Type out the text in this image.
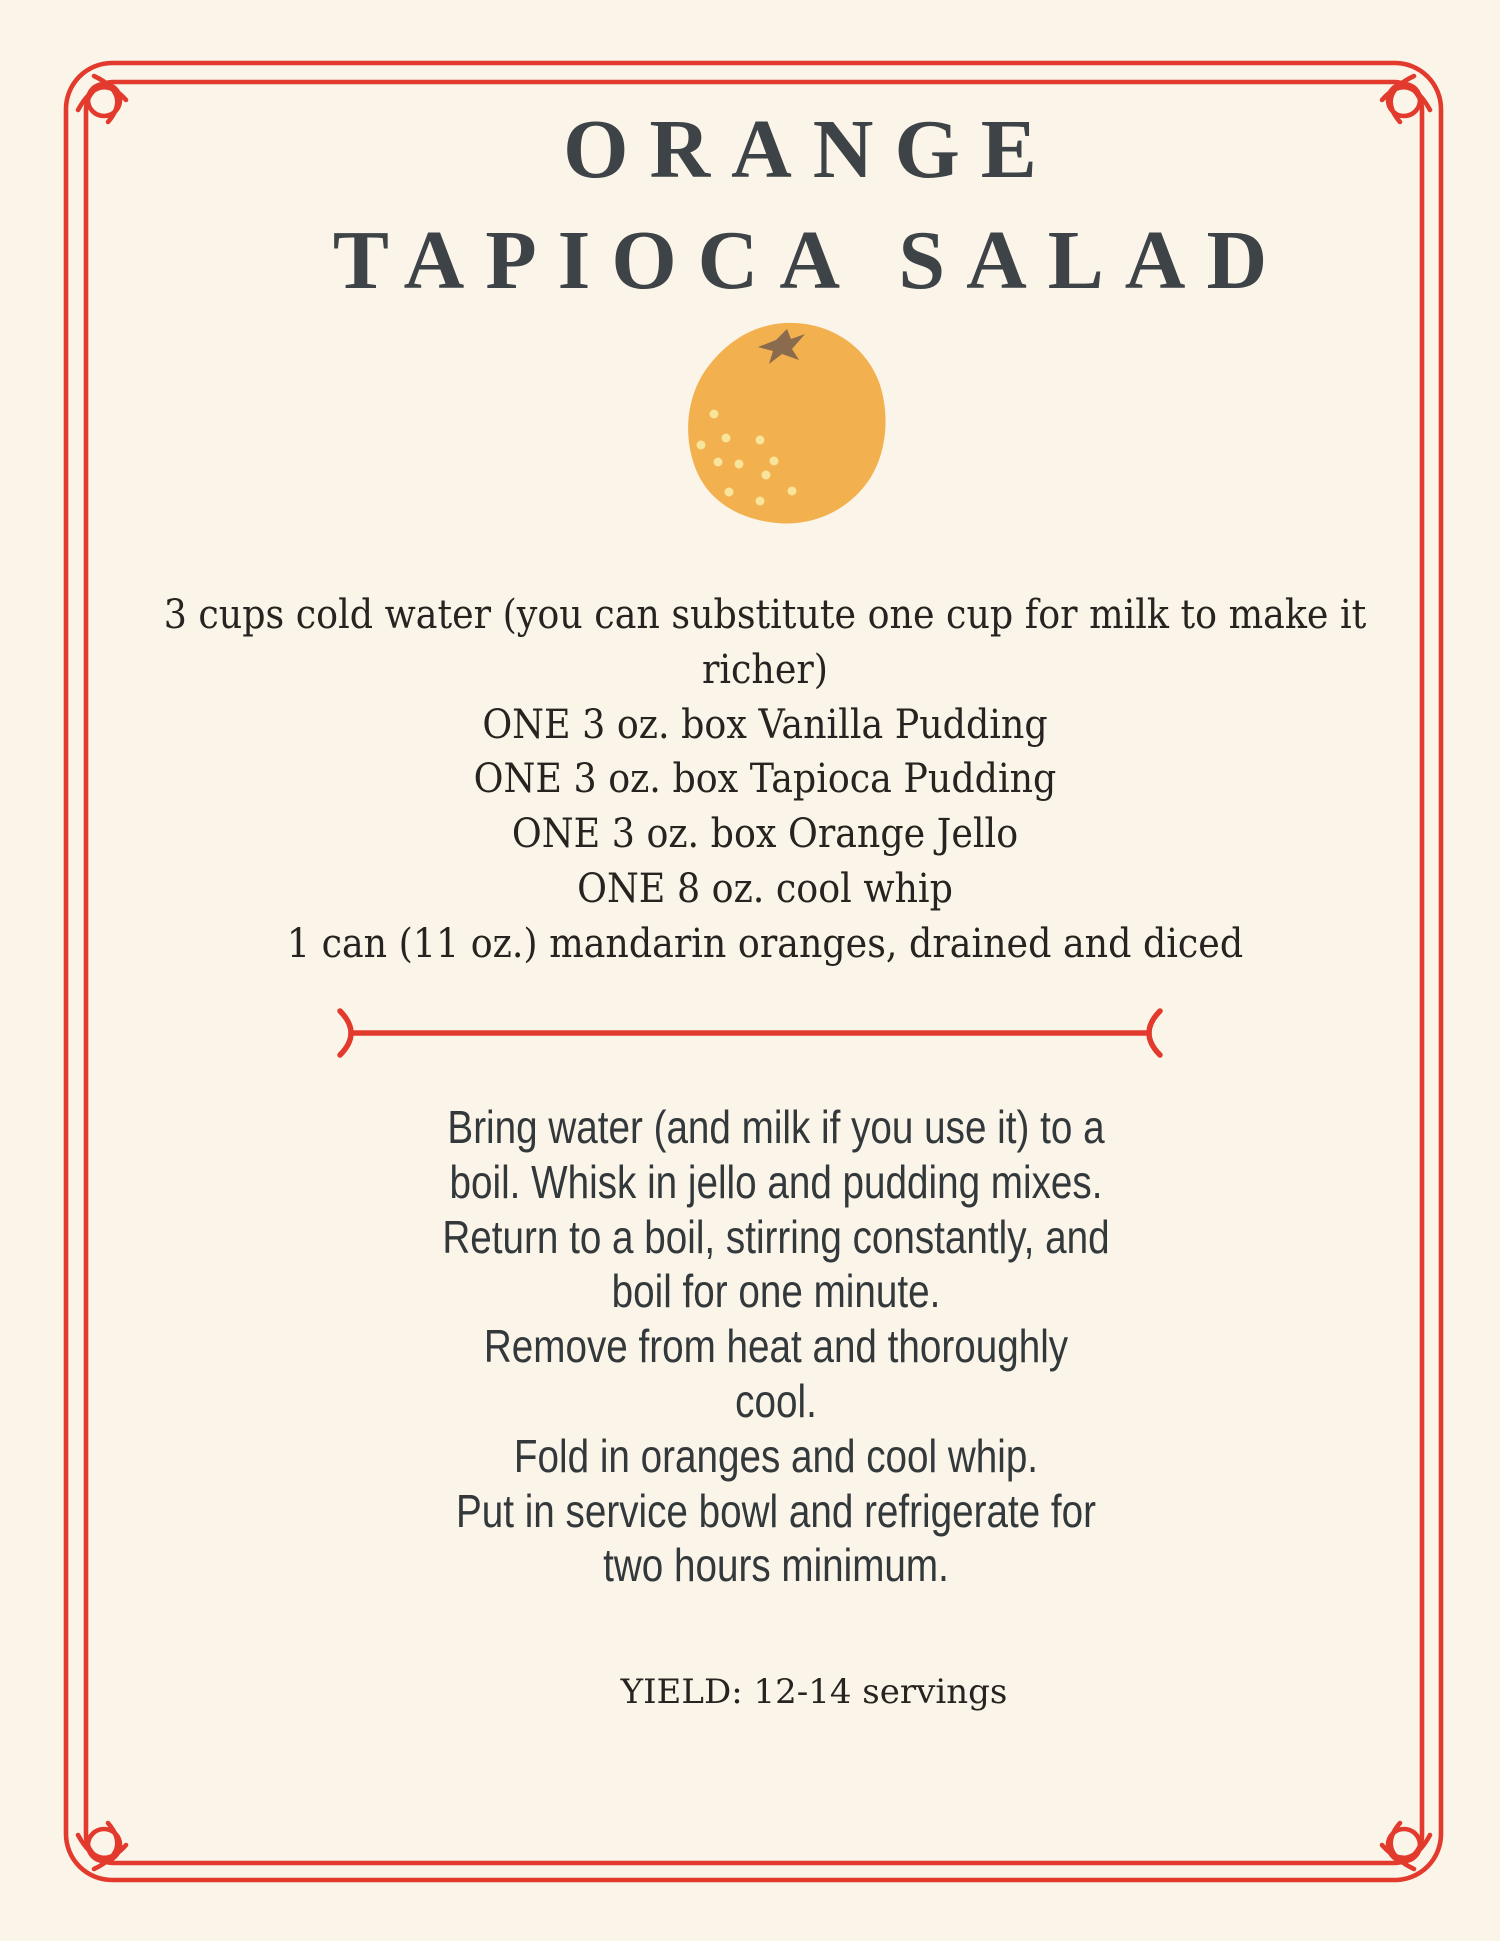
ORANGE
TAPIOCA SALAD
3 cups cold water (you can substitute one cup for milk to make it
richer)
ONE 3 oz. box Vanilla Pudding
ONE 3 oz. box Tapioca Pudding
ONE 3 oz. box Orange Jello
ONE 8 oz. cool whip
1 can (11 oz.) mandarin oranges, drained and diced
Bring water (and milk if you use it) to a
boil. Whisk in jello and pudding mixes.
Return to a boil, stirring constantly, and
boil for one minute.
Remove from heat and thoroughly cool.
Fold in oranges and cool whip.
Put in service bowl and refrigerate for
two hours minimum.
YIELD: 12-14 servings
